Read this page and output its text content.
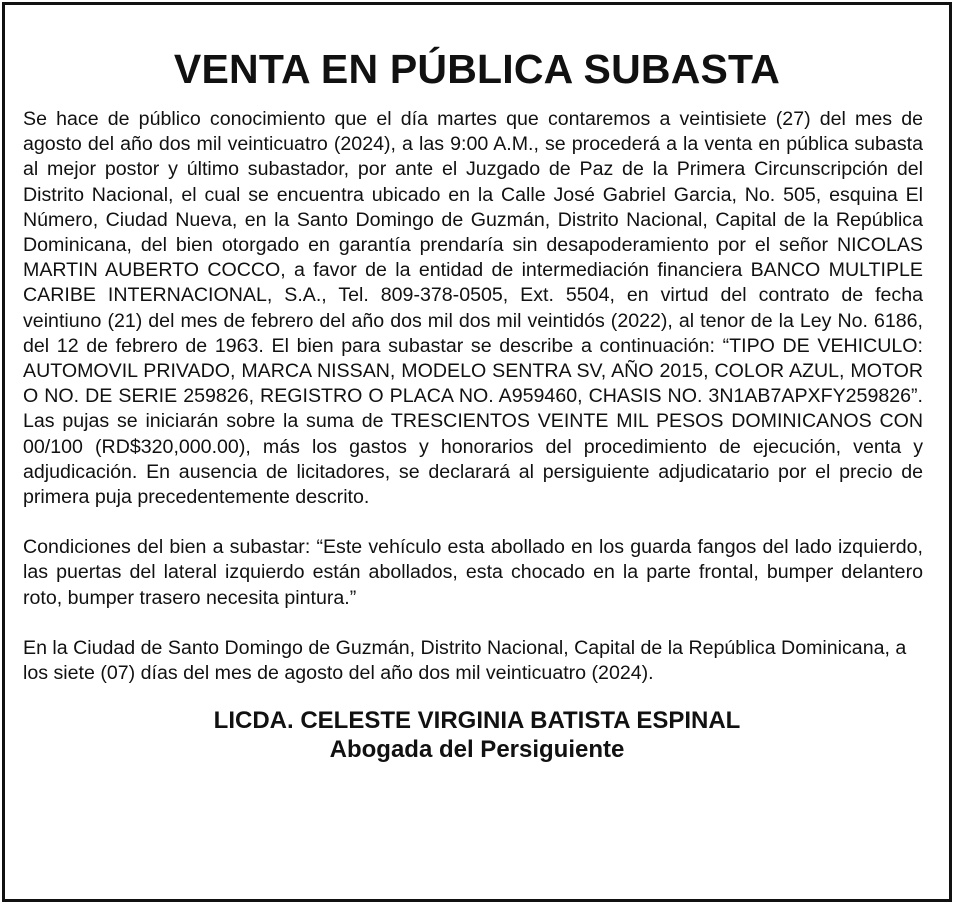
VENTA EN PÚBLICA SUBASTA

Se hace de público conocimiento que el día martes que contaremos a veintisiete (27) del mes de agosto del año dos mil veinticuatro (2024), a las 9:00 A.M., se procederá a la venta en pública subasta al mejor postor y último subastador, por ante el Juzgado de Paz de la Primera Circunscripción del Distrito Nacional, el cual se encuentra ubicado en la Calle José Gabriel Garcia, No. 505, esquina El Número, Ciudad Nueva, en la Santo Domingo de Guzmán, Distrito Nacional, Capital de la República Dominicana, del bien otorgado en garantía prendaría sin desapoderamiento por el señor NICOLAS MARTIN AUBERTO COCCO, a favor de la entidad de intermediación financiera BANCO MULTIPLE CARIBE INTERNACIONAL, S.A., Tel. 809-378-0505, Ext. 5504, en virtud del contrato de fecha veintiuno (21) del mes de febrero del año dos mil dos mil veintidós (2022), al tenor de la Ley No. 6186, del 12 de febrero de 1963. El bien para subastar se describe a continuación: “TIPO DE VEHICULO: AUTOMOVIL PRIVADO, MARCA NISSAN, MODELO SENTRA SV, AÑO 2015, COLOR AZUL, MOTOR O NO. DE SERIE 259826, REGISTRO O PLACA NO. A959460, CHASIS NO. 3N1AB7APXFY259826”. Las pujas se iniciarán sobre la suma de TRESCIENTOS VEINTE MIL PESOS DOMINICANOS CON 00/100 (RD$320,000.00), más los gastos y honorarios del procedimiento de ejecución, venta y adjudicación. En ausencia de licitadores, se declarará al persiguiente adjudicatario por el precio de primera puja precedentemente descrito.

Condiciones del bien a subastar: “Este vehículo esta abollado en los guarda fangos del lado izquierdo, las puertas del lateral izquierdo están abollados, esta chocado en la parte frontal, bumper delantero roto, bumper trasero necesita pintura.”

En la Ciudad de Santo Domingo de Guzmán, Distrito Nacional, Capital de la República Dominicana, a los siete (07) días del mes de agosto del año dos mil veinticuatro (2024).

LICDA. CELESTE VIRGINIA BATISTA ESPINAL
Abogada del Persiguiente
